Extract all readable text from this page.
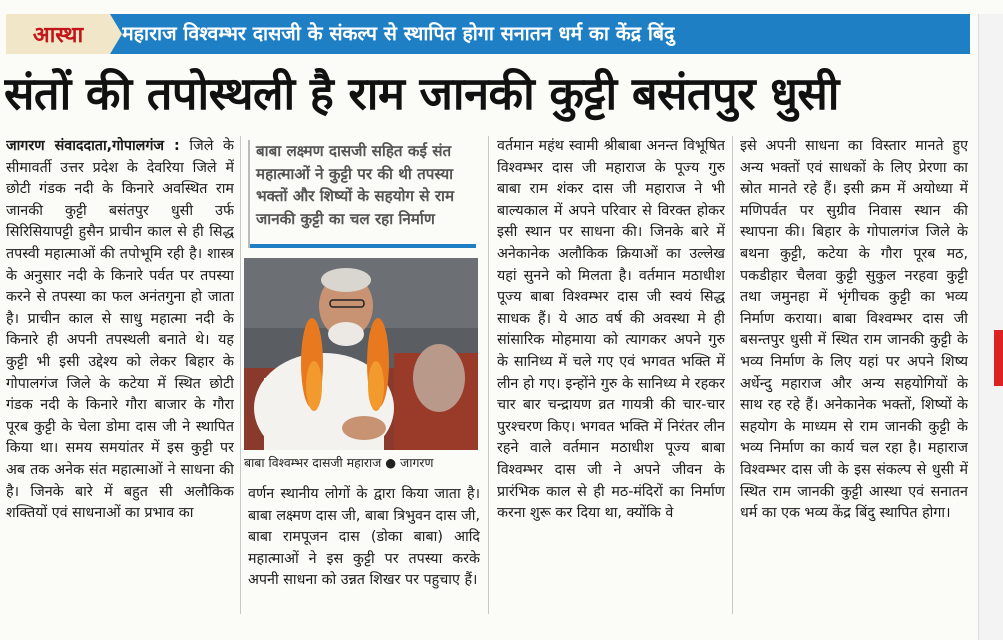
आस्था	महाराज विश्वम्भर दासजी के संकल्प से स्थापित होगा सनातन धर्म का केंद्र बिंदु
संतों की तपोस्थली है राम जानकी कुट्टी बसंतपुर धुसी

जागरण संवाददाता,गोपालगंज : जिले के सीमावर्ती उत्तर प्रदेश के देवरिया जिले में छोटी गंडक नदी के किनारे अवस्थित राम जानकी कुट्टी बसंतपुर धुसी उर्फ सिरिसियापट्टी हुसैन प्राचीन काल से ही सिद्ध तपस्वी महात्माओं की तपोभूमि रही है। शास्त्र के अनुसार नदी के किनारे पर्वत पर तपस्या करने से तपस्या का फल अनंतगुना हो जाता है। प्राचीन काल से साधु महात्मा नदी के किनारे ही अपनी तपस्थली बनाते थे। यह कुट्टी भी इसी उद्देश्य को लेकर बिहार के गोपालगंज जिले के कटेया में स्थित छोटी गंडक नदी के किनारे गौरा बाजार के गौरा पूरब कुट्टी के चेला डोमा दास जी ने स्थापित किया था। समय समयांतर में इस कुट्टी पर अब तक अनेक संत महात्माओं ने साधना की है। जिनके बारे में बहुत सी अलौकिक शक्तियों एवं साधनाओं का प्रभाव का

बाबा लक्ष्मण दासजी सहित कई संत महात्माओं ने कुट्टी पर की थी तपस्या भक्तों और शिष्यों के सहयोग से राम जानकी कुट्टी का चल रहा निर्माण
बाबा विश्वम्भर दासजी महाराज ● जागरण

वर्णन स्थानीय लोगों के द्वारा किया जाता है। बाबा लक्ष्मण दास जी, बाबा त्रिभुवन दास जी, बाबा रामपूजन दास (डोका बाबा) आदि महात्माओं ने इस कुट्टी पर तपस्या करके अपनी साधना को उन्नत शिखर पर पहुचाए हैं।

वर्तमान महंथ स्वामी श्रीबाबा अनन्त विभूषित विश्वम्भर दास जी महाराज के पूज्य गुरु बाबा राम शंकर दास जी महाराज ने भी बाल्यकाल में अपने परिवार से विरक्त होकर इसी स्थान पर साधना की। जिनके बारे में अनेकानेक अलौकिक क्रियाओं का उल्लेख यहां सुनने को मिलता है। वर्तमान मठाधीश पूज्य बाबा विश्वम्भर दास जी स्वयं सिद्ध साधक हैं। ये आठ वर्ष की अवस्था मे ही सांसारिक मोहमाया को त्यागकर अपने गुरु के सानिध्य में चले गए एवं भगवत भक्ति में लीन हो गए। इन्होंने गुरु के सानिध्य मे रहकर चार बार चन्द्रायण व्रत गायत्री की चार-चार पुरश्चरण किए। भगवत भक्ति में निरंतर लीन रहने वाले वर्तमान मठाधीश पूज्य बाबा विश्वम्भर दास जी ने अपने जीवन के प्रारंभिक काल से ही मठ-मंदिरों का निर्माण करना शुरू कर दिया था, क्योंकि वे

इसे अपनी साधना का विस्तार मानते हुए अन्य भक्तों एवं साधकों के लिए प्रेरणा का स्रोत मानते रहे हैं। इसी क्रम में अयोध्या में मणिपर्वत पर सुग्रीव निवास स्थान की स्थापना की। बिहार के गोपालगंज जिले के बथना कुट्टी, कटेया के गौरा पूरब मठ, पकडीहार चैलवा कुट्टी सुकुल नरहवा कुट्टी तथा जमुनहा में भृंगीचक कुट्टी का भव्य निर्माण कराया। बाबा विश्वम्भर दास जी बसन्तपुर धुसी में स्थित राम जानकी कुट्टी के भव्य निर्माण के लिए यहां पर अपने शिष्य अर्धेन्दु महाराज और अन्य सहयोगियों के साथ रह रहे हैं। अनेकानेक भक्तों, शिष्यों के सहयोग के माध्यम से राम जानकी कुट्टी के भव्य निर्माण का कार्य चल रहा है। महाराज विश्वम्भर दास जी के इस संकल्प से धुसी में स्थित राम जानकी कुट्टी आस्था एवं सनातन धर्म का एक भव्य केंद्र बिंदु स्थापित होगा।
